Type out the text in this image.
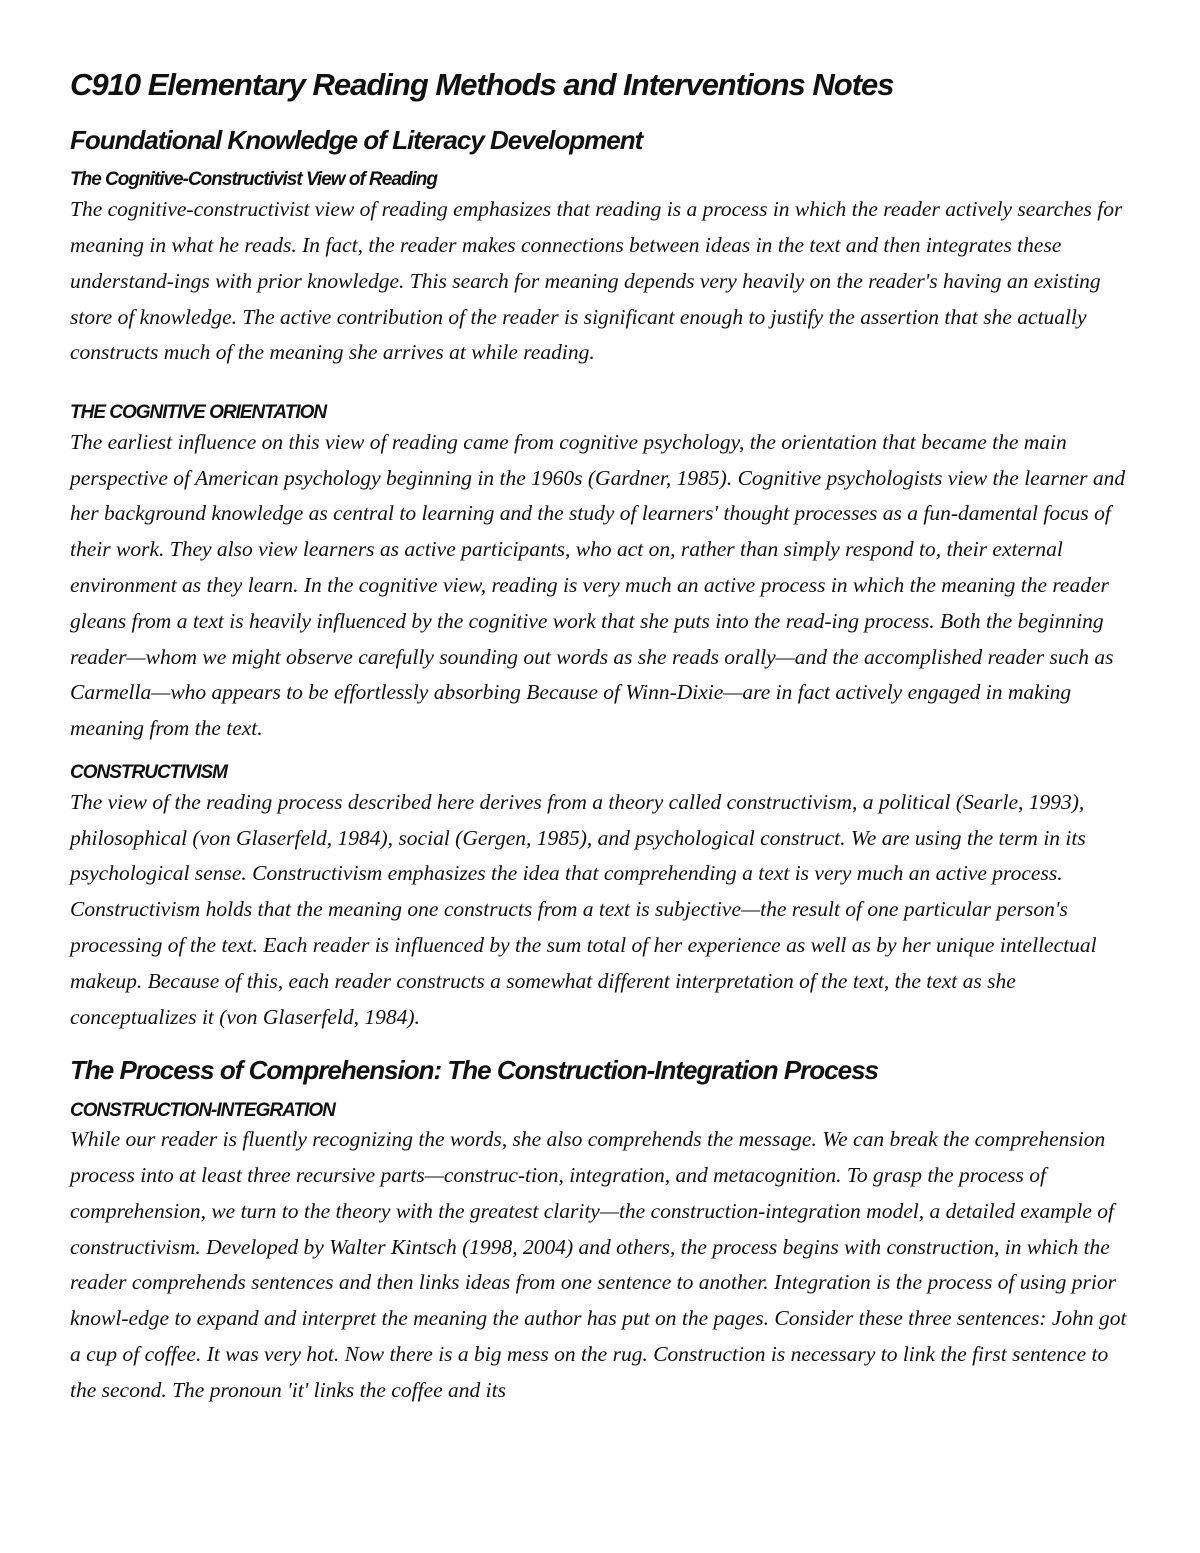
C910 Elementary Reading Methods and Interventions Notes
Foundational Knowledge of Literacy Development
The Cognitive-Constructivist View of Reading

The cognitive-constructivist view of reading emphasizes that reading is a process in which the reader actively searches for meaning in what he reads. In fact, the reader makes connections between ideas in the text and then integrates these understand-ings with prior knowledge. This search for meaning depends very heavily on the reader's having an existing store of knowledge. The active contribution of the reader is significant enough to justify the assertion that she actually constructs much of the meaning she arrives at while reading.

THE COGNITIVE ORIENTATION

The earliest influence on this view of reading came from cognitive psychology, the orientation that became the main perspective of American psychology beginning in the 1960s (Gardner, 1985). Cognitive psychologists view the learner and her background knowledge as central to learning and the study of learners' thought processes as a fun-damental focus of their work. They also view learners as active participants, who act on, rather than simply respond to, their external environment as they learn. In the cognitive view, reading is very much an active process in which the meaning the reader gleans from a text is heavily influenced by the cognitive work that she puts into the read-ing process. Both the beginning reader—whom we might observe carefully sounding out words as she reads orally—and the accomplished reader such as Carmella—who appears to be effortlessly absorbing Because of Winn-Dixie—are in fact actively engaged in making meaning from the text.

CONSTRUCTIVISM

The view of the reading process described here derives from a theory called constructivism, a political (Searle, 1993), philosophical (von Glaserfeld, 1984), social (Gergen, 1985), and psychological construct. We are using the term in its psychological sense. Constructivism emphasizes the idea that comprehending a text is very much an active process. Constructivism holds that the meaning one constructs from a text is subjective—the result of one particular person's processing of the text. Each reader is influenced by the sum total of her experience as well as by her unique intellectual makeup. Because of this, each reader constructs a somewhat different interpretation of the text, the text as she conceptualizes it (von Glaserfeld, 1984).

The Process of Comprehension: The Construction-Integration Process
CONSTRUCTION-INTEGRATION

While our reader is fluently recognizing the words, she also comprehends the message. We can break the comprehension process into at least three recursive parts—construc-tion, integration, and metacognition. To grasp the process of comprehension, we turn to the theory with the greatest clarity—the construction-integration model, a detailed example of constructivism. Developed by Walter Kintsch (1998, 2004) and others, the process begins with construction, in which the reader comprehends sentences and then links ideas from one sentence to another. Integration is the process of using prior knowl-edge to expand and interpret the meaning the author has put on the pages. Consider these three sentences: John got a cup of coffee. It was very hot. Now there is a big mess on the rug. Construction is necessary to link the first sentence to the second. The pronoun 'it' links the coffee and its
